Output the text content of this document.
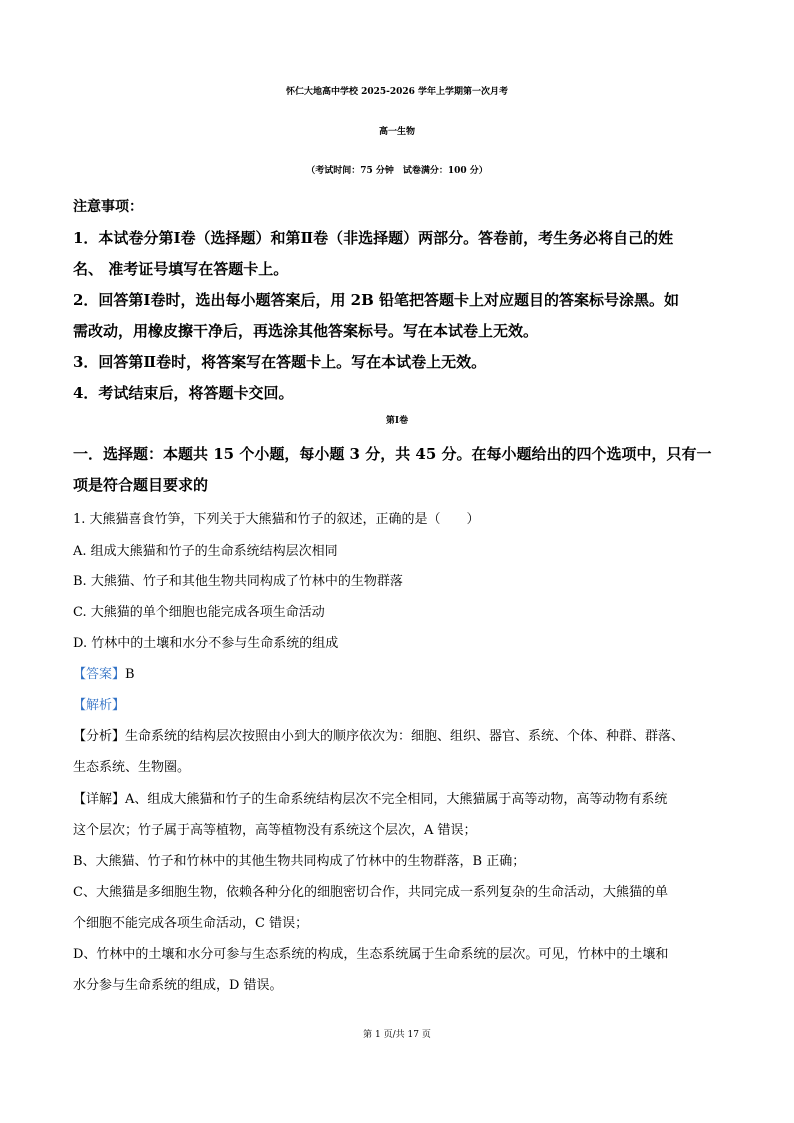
怀仁大地高中学校 2025-2026 学年上学期第一次月考
高一生物
（考试时间：75 分钟　试卷满分：100 分）
注意事项：
1．本试卷分第Ⅰ卷（选择题）和第Ⅱ卷（非选择题）两部分。答卷前，考生务必将自己的姓
名、 准考证号填写在答题卡上。
2．回答第Ⅰ卷时，选出每小题答案后，用 2B 铅笔把答题卡上对应题目的答案标号涂黑。如
需改动，用橡皮擦干净后，再选涂其他答案标号。写在本试卷上无效。
3．回答第Ⅱ卷时，将答案写在答题卡上。写在本试卷上无效。
4．考试结束后，将答题卡交回。
第Ⅰ卷
一．选择题：本题共 15 个小题，每小题 3 分，共 45 分。在每小题给出的四个选项中，只有一
项是符合题目要求的
1. 大熊猫喜食竹笋，下列关于大熊猫和竹子的叙述，正确的是（　　）
A. 组成大熊猫和竹子的生命系统结构层次相同
B. 大熊猫、竹子和其他生物共同构成了竹林中的生物群落
C. 大熊猫的单个细胞也能完成各项生命活动
D. 竹林中的土壤和水分不参与生命系统的组成
【答案】B
【解析】
【分析】生命系统的结构层次按照由小到大的顺序依次为：细胞、组织、器官、系统、个体、种群、群落、
生态系统、生物圈。
【详解】A、组成大熊猫和竹子的生命系统结构层次不完全相同，大熊猫属于高等动物，高等动物有系统
这个层次；竹子属于高等植物，高等植物没有系统这个层次，A 错误；
B、大熊猫、竹子和竹林中的其他生物共同构成了竹林中的生物群落，B 正确；
C、大熊猫是多细胞生物，依赖各种分化的细胞密切合作，共同完成一系列复杂的生命活动，大熊猫的单
个细胞不能完成各项生命活动，C 错误；
D、竹林中的土壤和水分可参与生态系统的构成，生态系统属于生命系统的层次。可见，竹林中的土壤和
水分参与生命系统的组成，D 错误。
第 1 页/共 17 页
